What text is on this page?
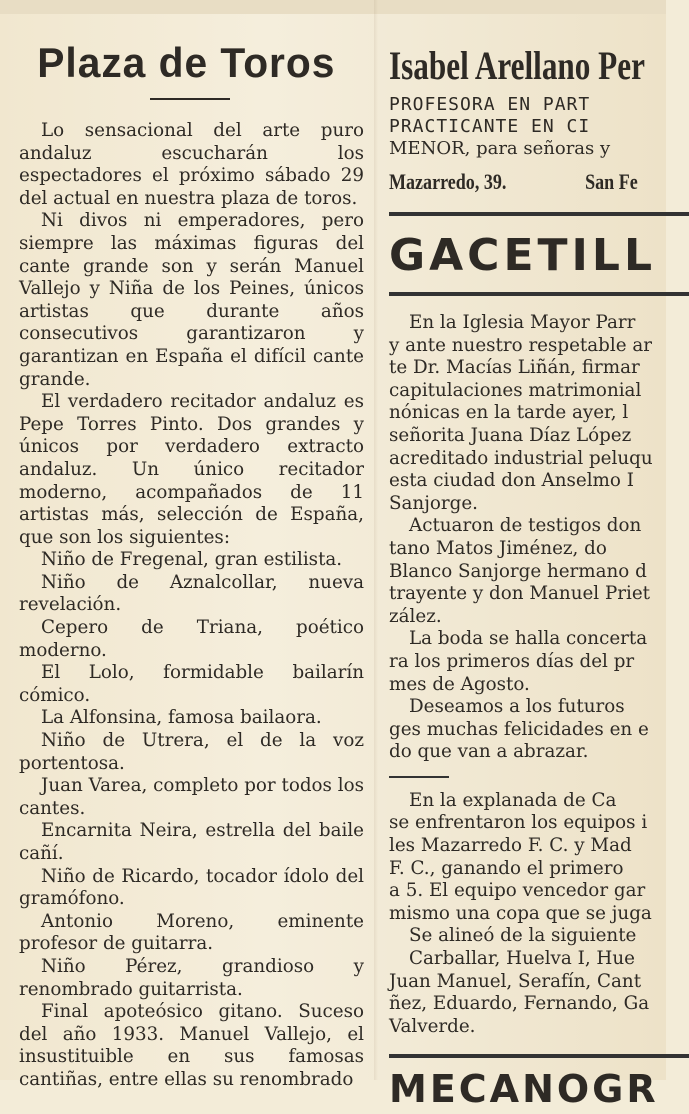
Plaza de Toros

Lo sensacional del arte puro andaluz escucharán los espectadores el próximo sábado 29 del actual en nuestra plaza de toros.

Ni divos ni emperadores, pero siempre las máximas figuras del cante grande son y serán Manuel Vallejo y Niña de los Peines, únicos artistas que durante años consecutivos garantizaron y garantizan en España el difícil cante grande.

El verdadero recitador andaluz es Pepe Torres Pinto. Dos grandes y únicos por verdadero extracto andaluz. Un único recitador moderno, acompañados de 11 artistas más, selección de España, que son los siguientes:

Niño de Fregenal, gran estilista.

Niño de Aznalcollar, nueva revelación.

Cepero de Triana, poético moderno.

El Lolo, formidable bailarín cómico.

La Alfonsina, famosa bailaora.

Niño de Utrera, el de la voz portentosa.

Juan Varea, completo por todos los cantes.

Encarnita Neira, estrella del baile cañí.

Niño de Ricardo, tocador ídolo del gramófono.

Antonio Moreno, eminente profesor de guitarra.

Niño Pérez, grandioso y renombrado guitarrista.

Final apoteósico gitano. Suceso del año 1933. Manuel Vallejo, el insustituible en sus famosas cantiñas, entre ellas su renombrado

Isabel Arellano Per

PROFESORA EN PART

PRACTICANTE EN CI

MENOR, para señoras y

Mazarredo, 39.	San Fe

GACETILL

En la Iglesia Mayor Parr

y ante nuestro respetable ar

te Dr. Macías Liñán, firmar

capitulaciones matrimonial

nónicas en la tarde ayer, l

señorita Juana Díaz López

acreditado industrial peluqu

esta ciudad don Anselmo I

Sanjorge.

Actuaron de testigos don

tano Matos Jiménez, do

Blanco Sanjorge hermano d

trayente y don Manuel Priet

zález.

La boda se halla concerta

ra los primeros días del pr

mes de Agosto.

Deseamos a los futuros

ges muchas felicidades en e

do que van a abrazar.

En la explanada de Ca

se enfrentaron los equipos i

les Mazarredo F. C. y Mad

F. C., ganando el primero

a 5. El equipo vencedor gar

mismo una copa que se juga

Se alineó de la siguiente

Carballar, Huelva I, Hue

Juan Manuel, Serafín, Cant

ñez, Eduardo, Fernando, Ga

Valverde.

MECANOGR
